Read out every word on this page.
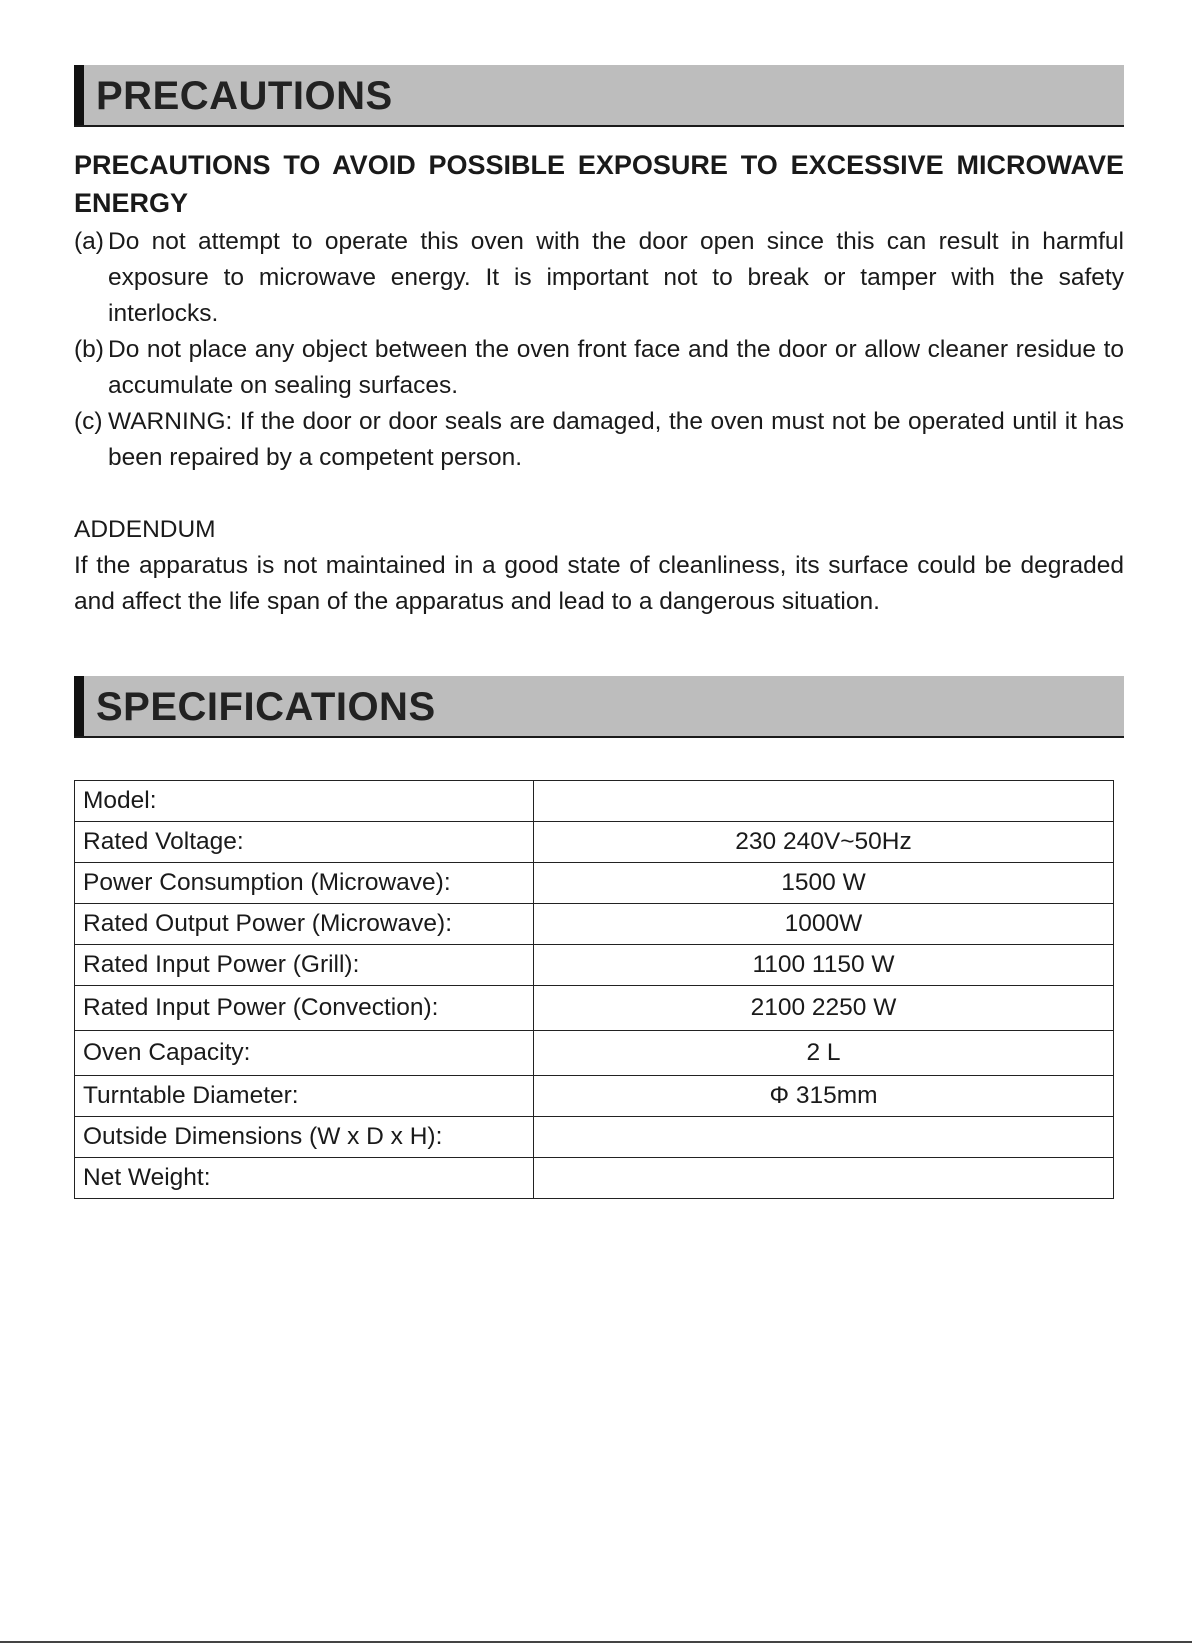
PRECAUTIONS
PRECAUTIONS TO AVOID POSSIBLE EXPOSURE TO EXCESSIVE MICROWAVE ENERGY
(a) Do not attempt to operate this oven with the door open since this can result in harmful exposure to microwave energy. It is important not to break or tamper with the safety interlocks.
(b) Do not place any object between the oven front face and the door or allow cleaner residue to accumulate on sealing surfaces.
(c) WARNING: If the door or door seals are damaged, the oven must not be operated until it has been repaired by a competent person.
ADDENDUM
If the apparatus is not maintained in a good state of cleanliness, its surface could be degraded and affect the life span of the apparatus and lead to a dangerous situation.
SPECIFICATIONS
Model:	
Rated Voltage:	230 240V~50Hz
Power Consumption (Microwave):	1500 W
Rated Output Power (Microwave):	1000W
Rated Input Power (Grill):	1100 1150 W
Rated Input Power (Convection):	2100 2250 W
Oven Capacity:	2 L
Turntable Diameter:	Φ 315mm
Outside Dimensions (W x D x H):	
Net Weight:	
